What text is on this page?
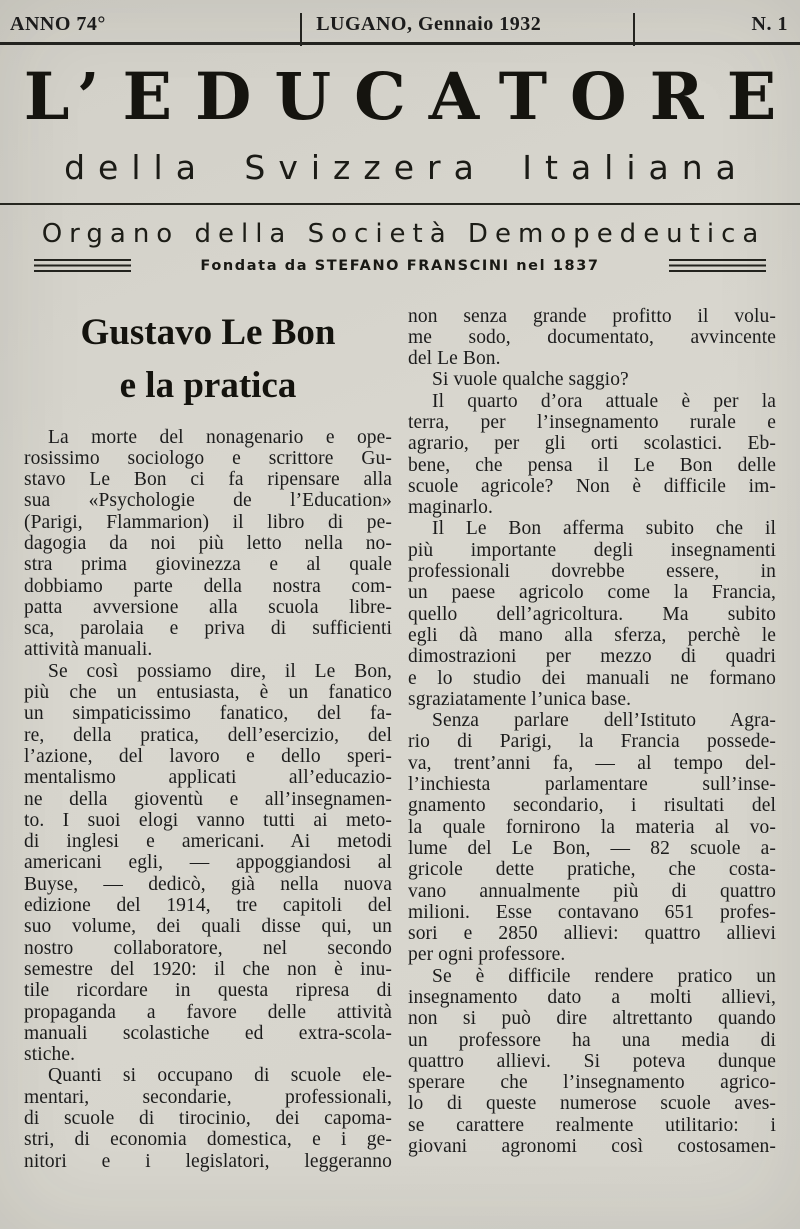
ANNO 74°	LUGANO, Gennaio 1932	N. 1
L’EDUCATORE
della Svizzera Italiana
Organo della Società Demopedeutica
Fondata da STEFANO FRANSCINI nel 1837
Gustavo Le Bon
e la pratica
La morte del nonagenario e ope-
rosissimo sociologo e scrittore Gu-
stavo Le Bon ci fa ripensare alla
sua «Psychologie de l’Education»
(Parigi, Flammarion) il libro di pe-
dagogia da noi più letto nella no-
stra prima giovinezza e al quale
dobbiamo parte della nostra com-
patta avversione alla scuola libre-
sca, parolaia e priva di sufficienti
attività manuali.
Se così possiamo dire, il Le Bon,
più che un entusiasta, è un fanatico
un simpaticissimo fanatico, del fa-
re, della pratica, dell’esercizio, del
l’azione, del lavoro e dello speri-
mentalismo applicati all’educazio-
ne della gioventù e all’insegnamen-
to. I suoi elogi vanno tutti ai meto-
di inglesi e americani. Ai metodi
americani egli, — appoggiandosi al
Buyse, — dedicò, già nella nuova
edizione del 1914, tre capitoli del
suo volume, dei quali disse qui, un
nostro collaboratore, nel secondo
semestre del 1920: il che non è inu-
tile ricordare in questa ripresa di
propaganda a favore delle attività
manuali scolastiche ed extra-scola-
stiche.
Quanti si occupano di scuole ele-
mentari, secondarie, professionali,
di scuole di tirocinio, dei capoma-
stri, di economia domestica, e i ge-
nitori e i legislatori, leggeranno
non senza grande profitto il volu-
me sodo, documentato, avvincente
del Le Bon.
Si vuole qualche saggio?
Il quarto d’ora attuale è per la
terra, per l’insegnamento rurale e
agrario, per gli orti scolastici. Eb-
bene, che pensa il Le Bon delle
scuole agricole? Non è difficile im-
maginarlo.
Il Le Bon afferma subito che il
più importante degli insegnamenti
professionali dovrebbe essere, in
un paese agricolo come la Francia,
quello dell’agricoltura. Ma subito
egli dà mano alla sferza, perchè le
dimostrazioni per mezzo di quadri
e lo studio dei manuali ne formano
sgraziatamente l’unica base.
Senza parlare dell’Istituto Agra-
rio di Parigi, la Francia possede-
va, trent’anni fa, — al tempo del-
l’inchiesta parlamentare sull’inse-
gnamento secondario, i risultati del
la quale fornirono la materia al vo-
lume del Le Bon, — 82 scuole a-
gricole dette pratiche, che costa-
vano annualmente più di quattro
milioni. Esse contavano 651 profes-
sori e 2850 allievi: quattro allievi
per ogni professore.
Se è difficile rendere pratico un
insegnamento dato a molti allievi,
non si può dire altrettanto quando
un professore ha una media di
quattro allievi. Si poteva dunque
sperare che l’insegnamento agrico-
lo di queste numerose scuole aves-
se carattere realmente utilitario: i
giovani agronomi così costosamen-
